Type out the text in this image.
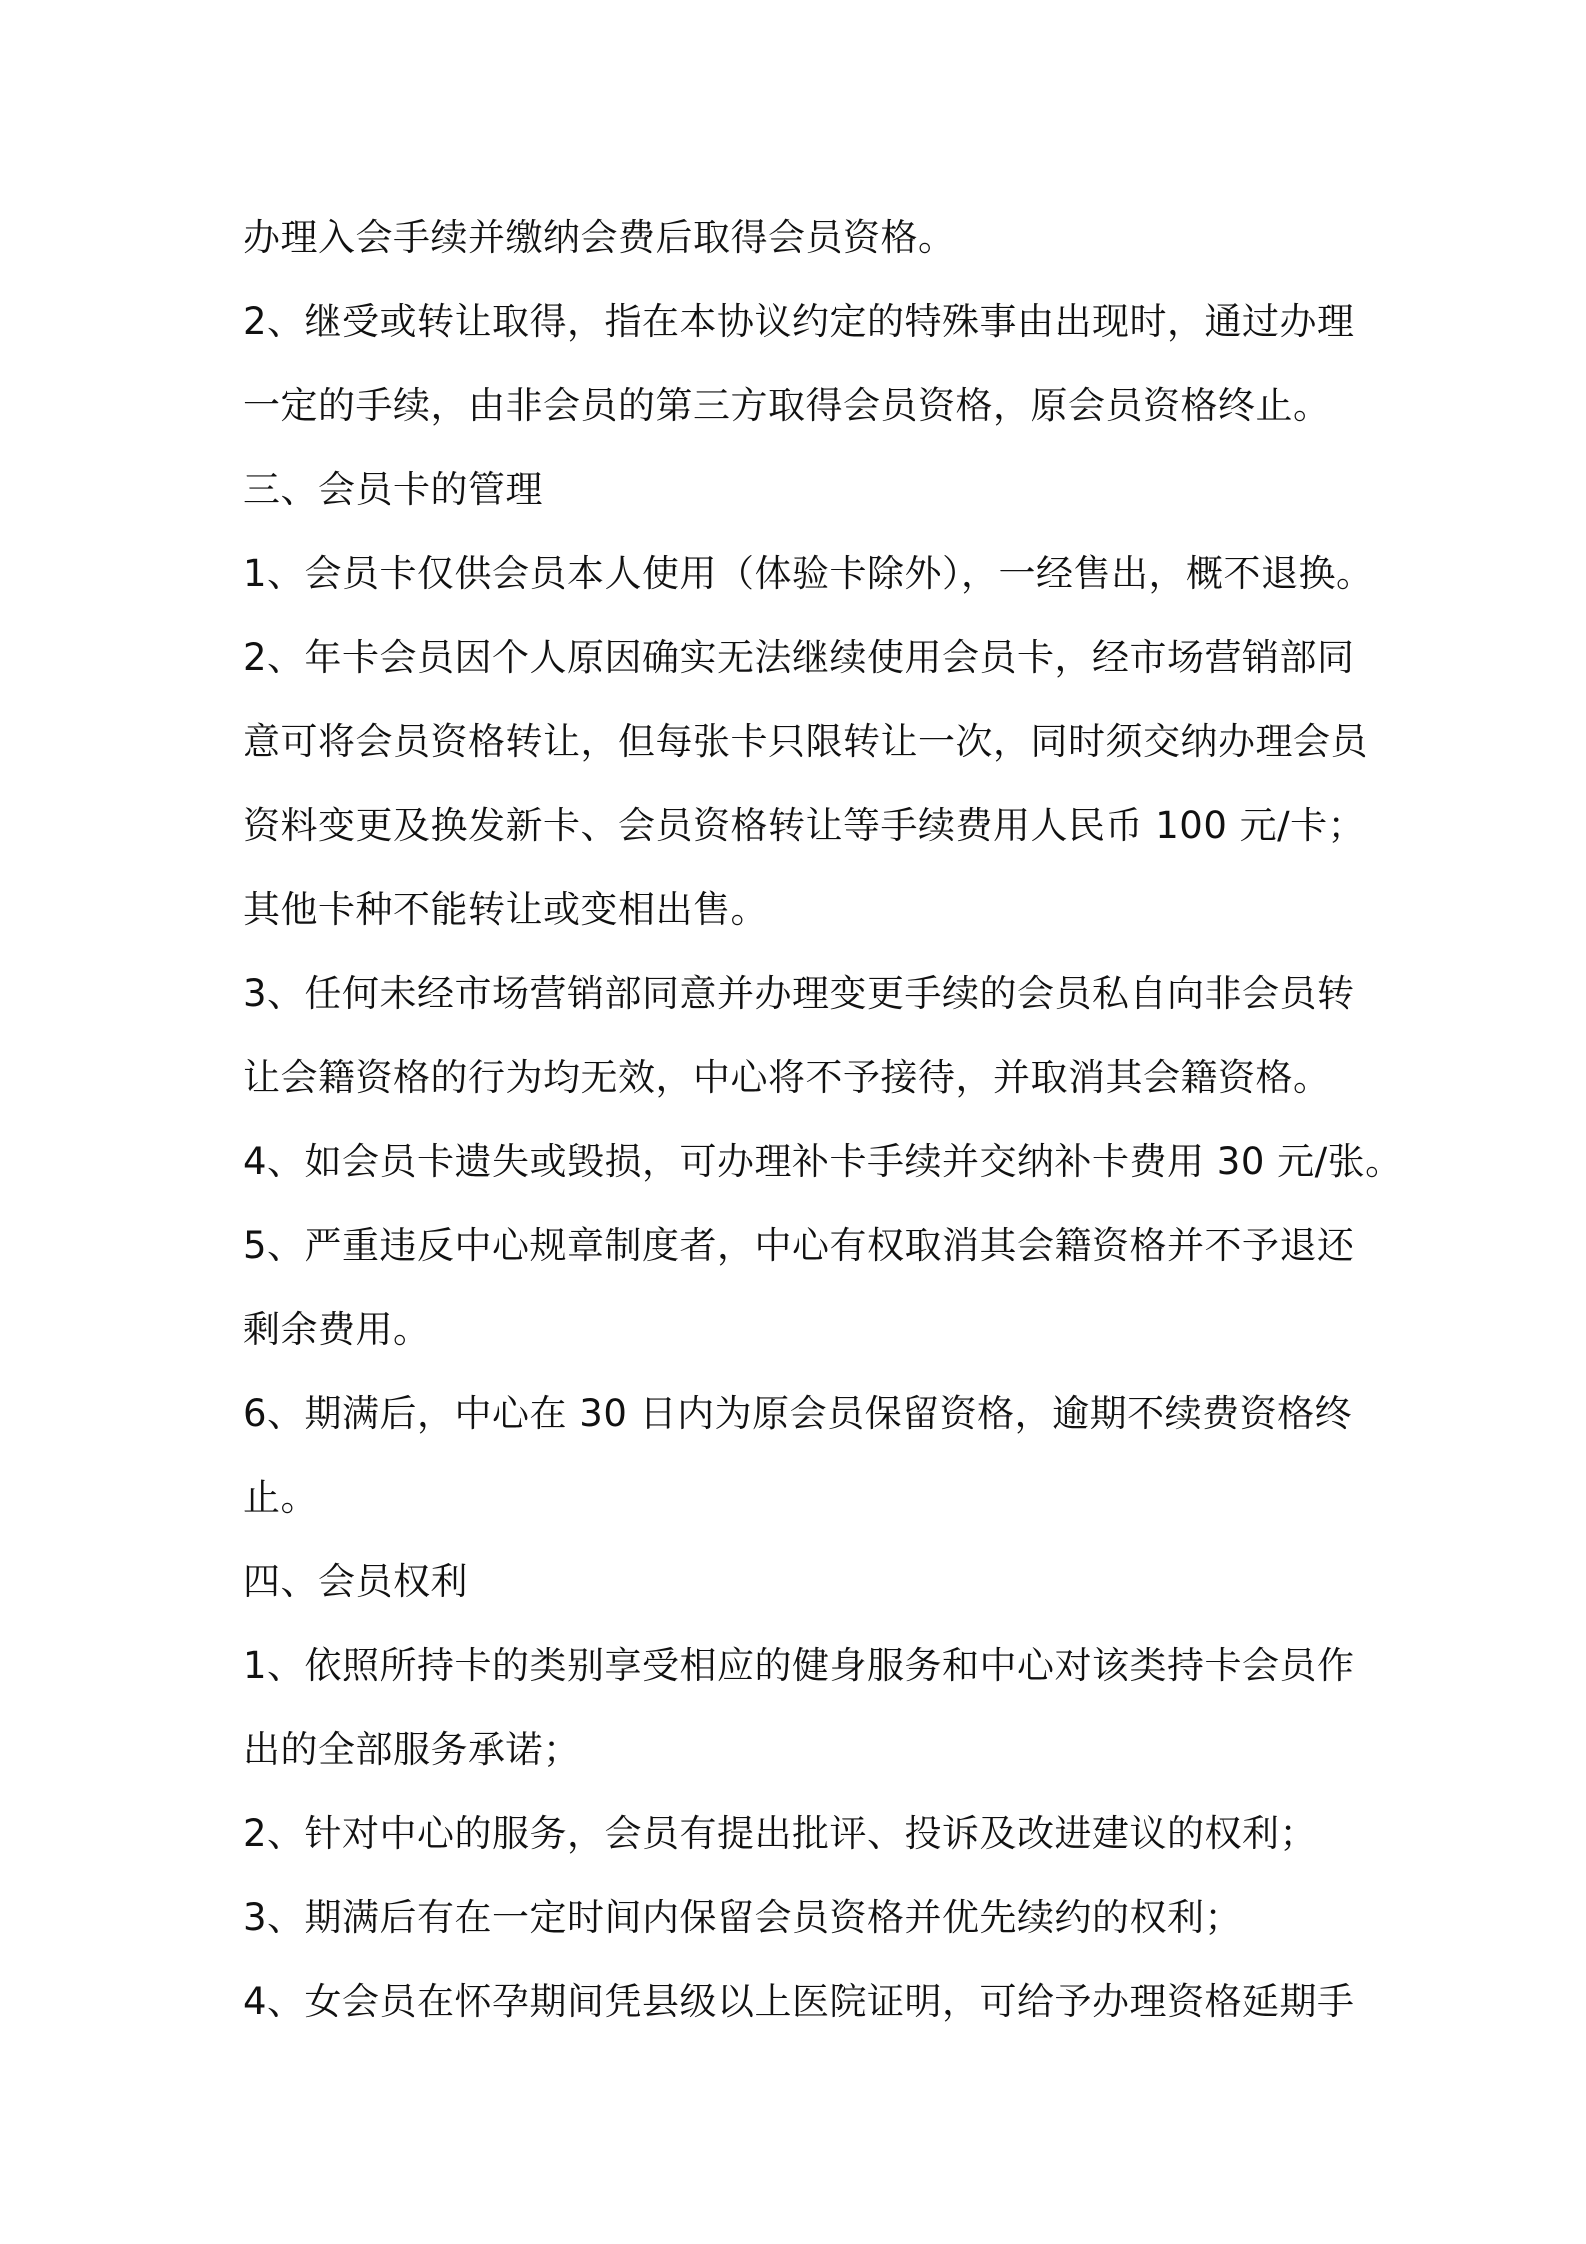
办理入会手续并缴纳会费后取得会员资格。
2、继受或转让取得，指在本协议约定的特殊事由出现时，通过办理
一定的手续，由非会员的第三方取得会员资格，原会员资格终止。
三、会员卡的管理
1、会员卡仅供会员本人使用（体验卡除外），一经售出，概不退换。
2、年卡会员因个人原因确实无法继续使用会员卡，经市场营销部同
意可将会员资格转让，但每张卡只限转让一次，同时须交纳办理会员
资料变更及换发新卡、会员资格转让等手续费用人民币 100 元/卡；
其他卡种不能转让或变相出售。
3、任何未经市场营销部同意并办理变更手续的会员私自向非会员转
让会籍资格的行为均无效，中心将不予接待，并取消其会籍资格。
4、如会员卡遗失或毁损，可办理补卡手续并交纳补卡费用 30 元/张。
5、严重违反中心规章制度者，中心有权取消其会籍资格并不予退还
剩余费用。
6、期满后，中心在 30 日内为原会员保留资格，逾期不续费资格终
止。
四、会员权利
1、依照所持卡的类别享受相应的健身服务和中心对该类持卡会员作
出的全部服务承诺；
2、针对中心的服务，会员有提出批评、投诉及改进建议的权利；
3、期满后有在一定时间内保留会员资格并优先续约的权利；
4、女会员在怀孕期间凭县级以上医院证明，可给予办理资格延期手
